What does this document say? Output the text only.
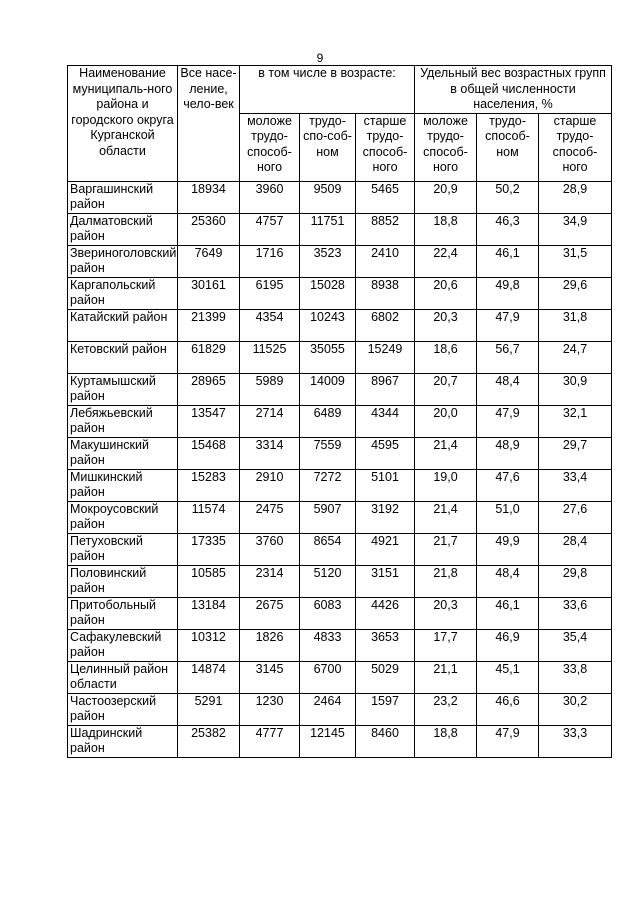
9
Наименование муниципаль-ного района и городского округа Курганской области	Все насе-ление, чело-век	в том числе в возрасте:			Удельный вес возрастных групп в общей численности населения, %		
		моложе трудо-способ-ного	трудо-спо-соб-ном	старше трудо-способ-ного	моложе трудо-способ-ного	трудо-способ-ном	старше трудо-способ-ного
Варгашинский район	18934	3960	9509	5465	20,9	50,2	28,9
Далматовский район	25360	4757	11751	8852	18,8	46,3	34,9
Звериноголовский район	7649	1716	3523	2410	22,4	46,1	31,5
Каргапольский район	30161	6195	15028	8938	20,6	49,8	29,6
Катайский район	21399	4354	10243	6802	20,3	47,9	31,8
Кетовский район	61829	11525	35055	15249	18,6	56,7	24,7
Куртамышский район	28965	5989	14009	8967	20,7	48,4	30,9
Лебяжьевский район	13547	2714	6489	4344	20,0	47,9	32,1
Макушинский район	15468	3314	7559	4595	21,4	48,9	29,7
Мишкинский район	15283	2910	7272	5101	19,0	47,6	33,4
Мокроусовский район	11574	2475	5907	3192	21,4	51,0	27,6
Петуховский район	17335	3760	8654	4921	21,7	49,9	28,4
Половинский район	10585	2314	5120	3151	21,8	48,4	29,8
Притобольный район	13184	2675	6083	4426	20,3	46,1	33,6
Сафакулевский район	10312	1826	4833	3653	17,7	46,9	35,4
Целинный район области	14874	3145	6700	5029	21,1	45,1	33,8
Частоозерский район	5291	1230	2464	1597	23,2	46,6	30,2
Шадринский район	25382	4777	12145	8460	18,8	47,9	33,3
